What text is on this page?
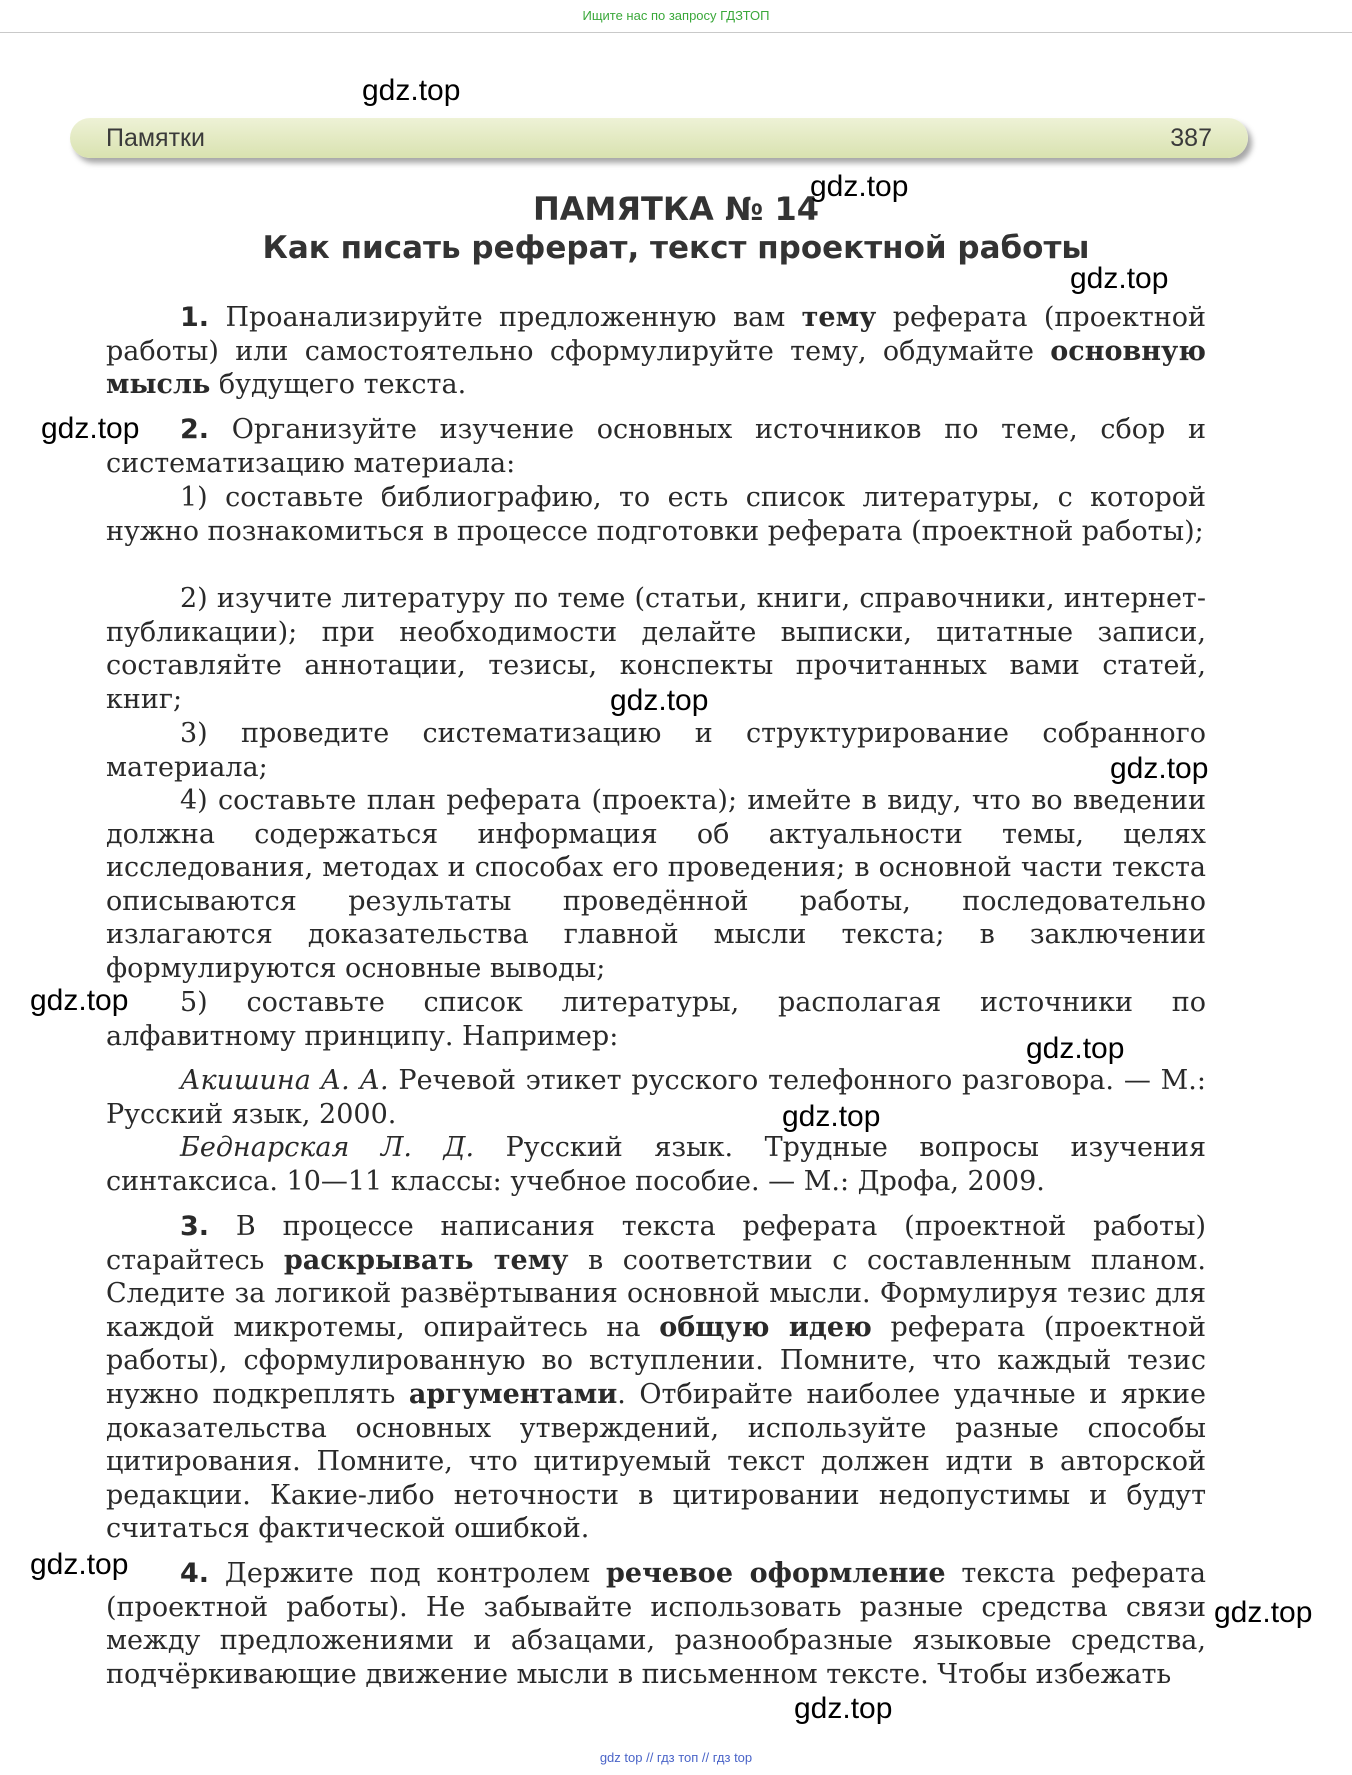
Ищите нас по запросу ГДЗТОП
Памятки	387
ПАМЯТКА № 14
Как писать реферат, текст проектной работы
1. Проанализируйте предложенную вам тему реферата (проектной работы) или самостоятельно сформулируйте тему, обдумайте основную мысль будущего текста.
2. Организуйте изучение основных источников по теме, сбор и систематизацию материала:
1) составьте библиографию, то есть список литературы, с которой нужно познакомиться в процессе подготовки реферата (проектной работы);
2) изучите литературу по теме (статьи, книги, справочники, интернет-публикации); при необходимости делайте выписки, цитатные записи, составляйте аннотации, тезисы, конспекты прочитанных вами статей, книг;
3) проведите систематизацию и структурирование собранного материала;
4) составьте план реферата (проекта); имейте в виду, что во введении должна содержаться информация об актуальности темы, целях исследования, методах и способах его проведения; в основной части текста описываются результаты проведённой работы, последовательно излагаются доказательства главной мысли текста; в заключении формулируются основные выводы;
5) составьте список литературы, располагая источники по алфавитному принципу. Например:
Акишина А. А. Речевой этикет русского телефонного разговора. — М.: Русский язык, 2000.
Беднарская Л. Д. Русский язык. Трудные вопросы изучения синтаксиса. 10—11 классы: учебное пособие. — М.: Дрофа, 2009.
3. В процессе написания текста реферата (проектной работы) старайтесь раскрывать тему в соответствии с составленным планом. Следите за логикой развёртывания основной мысли. Формулируя тезис для каждой микротемы, опирайтесь на общую идею реферата (проектной работы), сформулированную во вступлении. Помните, что каждый тезис нужно подкреплять аргументами. Отбирайте наиболее удачные и яркие доказательства основных утверждений, используйте разные способы цитирования. Помните, что цитируемый текст должен идти в авторской редакции. Какие-либо неточности в цитировании недопустимы и будут считаться фактической ошибкой.
4. Держите под контролем речевое оформление текста реферата (проектной работы). Не забывайте использовать разные средства связи между предложениями и абзацами, разнообразные языковые средства, подчёркивающие движение мысли в письменном тексте. Чтобы избежать
gdz.top
gdz.top
gdz.top
gdz.top
gdz.top
gdz.top
gdz.top
gdz.top
gdz.top
gdz.top
gdz.top
gdz.top
gdz top // гдз топ // гдз top
